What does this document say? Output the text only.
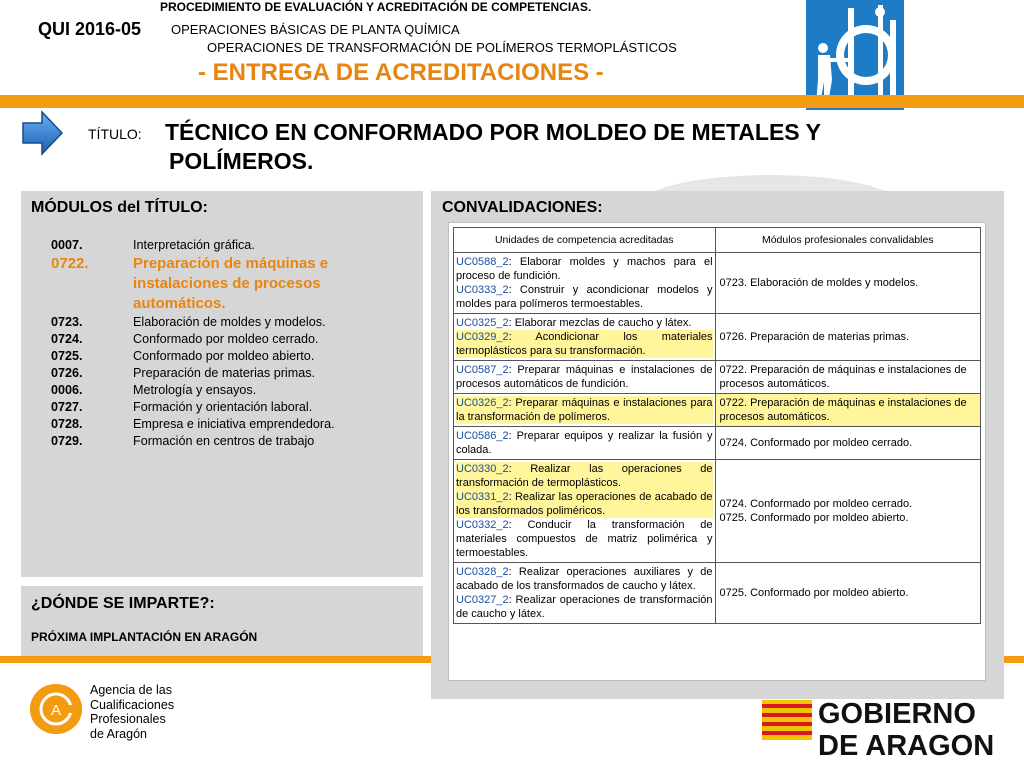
PROCEDIMIENTO DE EVALUACIÓN Y ACREDITACIÓN DE COMPETENCIAS.
QUI 2016-05 OPERACIONES BÁSICAS DE PLANTA QUÍMICA
OPERACIONES DE TRANSFORMACIÓN DE POLÍMEROS TERMOPLÁSTICOS
- ENTREGA DE ACREDITACIONES -
TÍTULO: TÉCNICO EN CONFORMADO POR MOLDEO DE METALES Y
POLÍMEROS.
MÓDULOS del TÍTULO:
0007.	Interpretación gráfica.
0722.	Preparación de máquinas e instalaciones de procesos automáticos.
0723.	Elaboración de moldes y modelos.
0724.	Conformado por moldeo cerrado.
0725.	Conformado por moldeo abierto.
0726.	Preparación de materias primas.
0006.	Metrología y ensayos.
0727.	Formación y orientación laboral.
0728.	Empresa e iniciativa emprendedora.
0729.	Formación en centros de trabajo
¿DÓNDE SE IMPARTE?:
PRÓXIMA IMPLANTACIÓN EN ARAGÓN
CONVALIDACIONES:
Unidades de competencia acreditadas	Módulos profesionales convalidables

UC0588_2: Elaborar moldes y machos para el proceso de fundición.
UC0333_2: Construir y acondicionar modelos y moldes para polímeros termoestables.	0723. Elaboración de moldes y modelos.

UC0325_2: Elaborar mezclas de caucho y látex.
UC0329_2: Acondicionar los materiales termoplásticos para su transformación.	0726. Preparación de materias primas.

UC0587_2: Preparar máquinas e instalaciones de procesos automáticos de fundición.	0722. Preparación de máquinas e instalaciones de procesos automáticos.

UC0326_2: Preparar máquinas e instalaciones para la transformación de polímeros.	0722. Preparación de máquinas e instalaciones de procesos automáticos.

UC0586_2: Preparar equipos y realizar la fusión y colada.	0724. Conformado por moldeo cerrado.

UC0330_2: Realizar las operaciones de transformación de termoplásticos.
UC0331_2: Realizar las operaciones de acabado de los transformados poliméricos.
UC0332_2: Conducir la transformación de materiales compuestos de matriz polimérica y termoestables.	0724. Conformado por moldeo cerrado.
0725. Conformado por moldeo abierto.

UC0328_2: Realizar operaciones auxiliares y de acabado de los transformados de caucho y látex.
UC0327_2: Realizar operaciones de transformación de caucho y látex.	0725. Conformado por moldeo abierto.
A
Agencia de las
Cualificaciones
Profesionales
de Aragón
GOBIERNO
DE ARAGON
